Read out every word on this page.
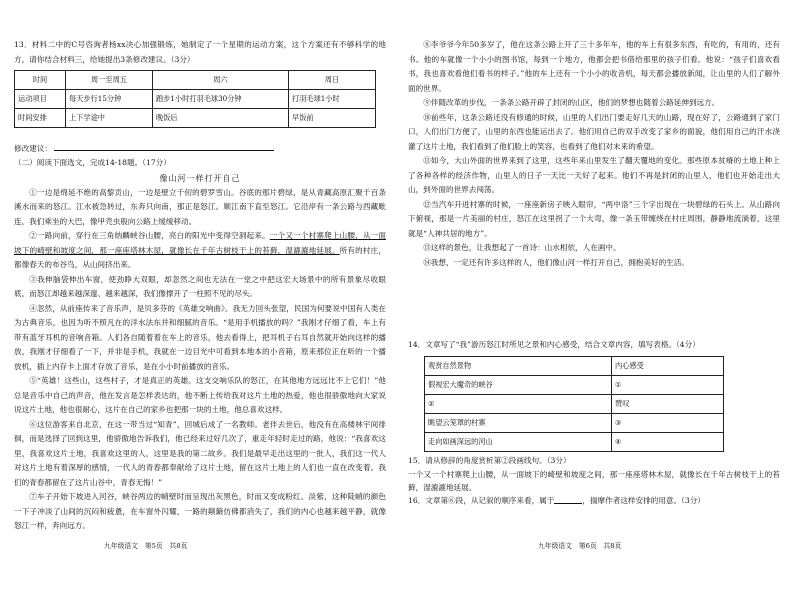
13．材料二中的C号咨询者杨xx决心加强锻炼，她制定了一个星期的运动方案，这个方案还有不够科学的地方，请你结合材料三，给她提出3条修改建议。（3分）

时间	周一至周五	周六	周日
运动项目	每天步行15分钟	跑步1小时打羽毛球30分钟	打羽毛球1小时
时间安排	上下学途中	晚饭后	早饭前
修改建议：

（二）阅读下面选文，完成14-18题。（17分）

像山河一样打开自己

①一边是绵延不绝的高黎贡山，一边是壁立千仞的碧罗雪山。谷底的那片碧绿，是从青藏高原汇聚千百条溪水而来的怒江。江水被急转过，东奔只向南，那正是怒江。顺江南下直至怒江。它沿岸有一条公路与西藏毗连，我们乘坐的大巴，像甲壳虫般向公路上缓缓移动。

②一路向前，穿行在三角纳麟峡谷山腰，亮白的阳光中变得空洞起来。一个又一个村寨爬上山腰，从一面坡下的崎壁和坡度之间，那一座座塔林木屋，就像长在千年古树枝干上的苔藓，湿漉漉地延展。所有的村庄，都像春天的布谷鸟，从山间挤出来。

③我伸脑袋伸出车窗，使劲睁大双眼，却忽然之间也无法在一堂之中把这宏大场景中的所有景象尽收眼底，而怒江却越来越深邃、越来越深，我们像撑开了一柱照不见的尽头。

④忽然，从前座传来了音乐声，是贝多芬的《英雄交响曲》。我无力回头张望，民国为何要说中国有人类在为古典音乐，也因为听不照凡在的洋水法东并和细腻的音乐。“是用手机播放的吗？”我刚才仔细了看，车上有带有蓝牙耳机的音响音箱。人们各自随着着在车上的音乐，他去看得上，把耳机子右耳自然就开始向这样的播放，我刚才仔细看了一下，并非是手机，我就在一边目光中可看到本地本的小音箱，原来那位正在听的一个播放机，插上内存卡上面才存放了音乐，是在小小时前播放的音乐。

⑤“英雄！这些山，这些村子，才是真正的英雄。这支交响乐队的怒江，在其他地方远远比不上它们！”他总是音乐中自己的声音，他在发言是怎样表达的，他不断上传给我对这片土地的热爱，他也很骄傲地向大家说说这片土地，他也很耐心，这片在自己的家乡也把那一块的土地，他总喜欢这样。

⑥这位游客来自北京，在这一带当过“知青”，回城后成了一名教师。老伴去世后，他没有在高楼林宇间徘徊，而是选择了回到这里，他骄傲地告诉我们，他已经来过好几次了，重走年轻时走过的路，他说：“我喜欢这里，我喜欢这片土地，我喜欢这里的人，这里是我的第二故乡。我们是最早走出这里的一批人，我们这一代人对这片土地有着深厚的感情，一代人的青春都奉献给了这片土地，留在这片土地上的人们也一直在改变着。我们的青春都留在了这片山谷中，青春无悔！”

⑦车子开始下坡进入河谷，峡谷两边的峭壁时而呈现出灰黑色，时而又变成粉红、淡紫，这种陡峭的颜色一下子冲淡了山间的沉闷和疲惫，在车窗外闪耀，一路的颠簸仿佛都消失了，我们的内心也越来越平静，就像怒江一样，奔向远方。

九年级语文　第5页　共8页

⑧李爷爷今年50多岁了，他在这条公路上开了三十多年车，他的车上有很多东西，有吃的，有用的，还有书。他的车就像一个小小的图书馆，每到一个地方，他都会把书借给那里的孩子们看。他说：“孩子们喜欢看书，我也喜欢看他们看书的样子。”他的车上还有一个小小的收音机，每天都会播放新闻，让山里的人们了解外面的世界。

⑨伴随改革的步伐，一条条公路开辟了封闭的山区，他们的梦想也随着公路延伸到远方。

⑩前些年，这条公路还没有修通的时候，山里的人们出门要走好几天的山路，现在好了，公路通到了家门口，人们出门方便了，山里的东西也能运出去了。他们用自己的双手改变了家乡的面貌，他们用自己的汗水浇灌了这片土地，我们看到了他们脸上的笑容，也看到了他们对未来的希望。

⑪如今，大山外面的世界来到了这里，这些年来山里发生了翻天覆地的变化。那些原本贫瘠的土地上种上了各种各样的经济作物，山里人的日子一天比一天好了起来。他们不再是封闭的山里人，他们也开始走出大山，到外面的世界去闯荡。

⑫当汽车开进村寨的时候，一座座新房子映入眼帘，“两中洛”三个字出现在一块碧绿的石头上。从山路向下俯视，那是一片美丽的村庄，怒江在这里拐了一个大弯，像一条玉带缠绕在村庄周围，静静地流淌着，这里就是“人神共居的地方”。

⑬这样的景色，让我想起了一首诗：山水相依，人在画中。

⑭我想，一定还有许多这样的人，他们像山河一样打开自己，拥抱美好的生活。

14．文章写了“我”游历怒江时所见之景和内心感受，结合文章内容，填写表格。（4分）

观赏自然景物	内心感受
假视宏大魔奇的峡谷	①
②	赞叹
眺望云笼罩的村寨	③
走向如画深远的河山	④

15．请从修辞的角度赏析第②段画线句。（3分）

一个又一个村寨爬上山腰，从一面坡下的崎壁和坡度之间，那一座座塔林木屋，就像长在千年古树枝干上的苔藓，湿漉漉地延展。

16．文章第⑥段，从记叙的顺序来看，属于	，揣摩作者这样安排的用意。（3分）

九年级语文　第6页　共8页
